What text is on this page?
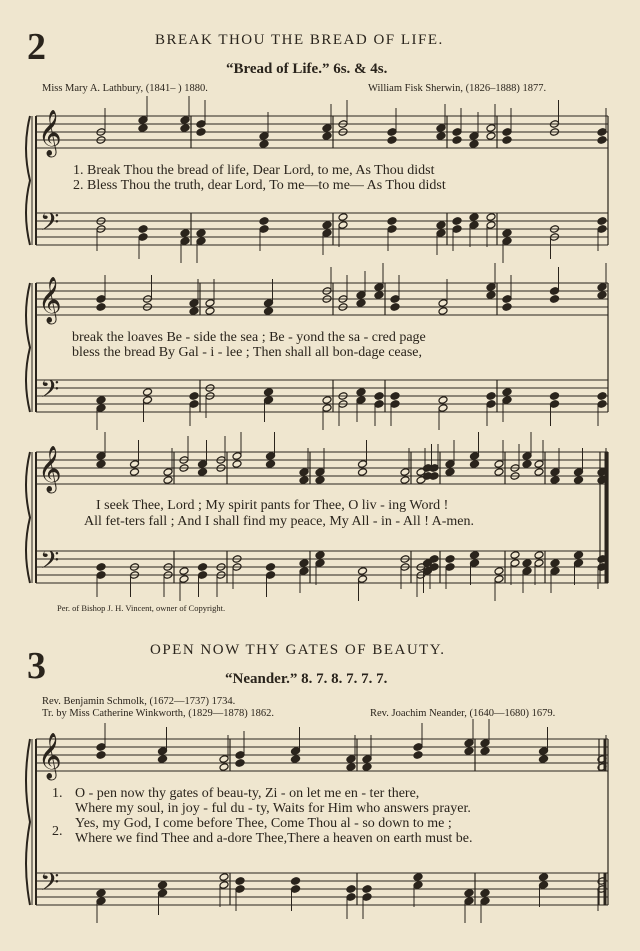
2	BREAK THOU THE BREAD OF LIFE.
“Bread of Life.” 6s. & 4s.
Miss Mary A. Lathbury, (1841– ) 1880.	William Fisk Sherwin, (1826–1888) 1877.
1. Break Thou the bread of life, Dear Lord, to me, As Thou didst
2. Bless Thou the truth, dear Lord, To me—to me— As Thou didst
break the loaves Be - side the sea ; Be - yond the sa - cred page
bless the bread By Gal - i - lee ; Then shall all bon-dage cease,
I seek Thee, Lord ; My spirit pants for Thee, O liv - ing Word !
All fet-ters fall ; And I shall find my peace, My All - in - All ! A-men.
Per. of Bishop J. H. Vincent, owner of Copyright.
3	OPEN NOW THY GATES OF BEAUTY.
“Neander.” 8. 7. 8. 7. 7. 7.
Rev. Benjamin Schmolk, (1672—1737) 1734.
Tr. by Miss Catherine Winkworth, (1829—1878) 1862.	Rev. Joachim Neander, (1640—1680) 1679.
1.
2.
O - pen now thy gates of beau-ty, Zi - on let me en - ter there,
Where my soul, in joy - ful du - ty, Waits for Him who answers prayer.
Yes, my God, I come before Thee, Come Thou al - so down to me ;
Where we find Thee and a-dore Thee,There a heaven on earth must be.
𝄞
𝄢
𝄞
𝄢
𝄞
𝄢
𝄞
𝄢
